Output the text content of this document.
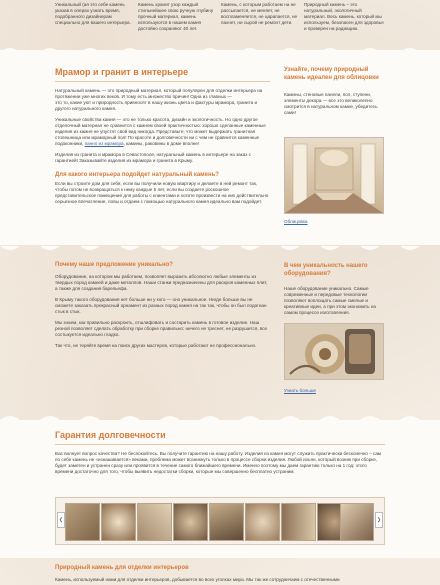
Уникальный (ая это себе камень указав в операх узнать время, подобранного дизайнерам специально для вашего интерьера.
Камень хранит узор каждый стильнейшее свою ручную глубину прочный материал, камень используются в нашем камня достойно сохраняют 40 лет.
Камень, с которым работаем на не рассыпается, не меняет, не воспламеняется, не царапается, не пахнет, ни сырой не ремонт дети.
Природный камень – это натуральный, экологичный материал. Весь камень, который мы используем, безопасен для здоровья и проверен на радиацию.
Мрамор и гранит в интерьере
Натуральный камень — это природный материал, который популярен для отделки интерьера на протяжении уже многих веков. И тому есть множество причин! Одна из главных —
это то, какие уют и природность привносят в нашу жизнь цвета и фактуры мрамора, гранита и другого натурального камня.
Уникальные свойства камня — это не только красота, дизайн и экологичность. Но одно другое отделочный материал не сравнится с камнем своей практичностью: хорошо сделанные каменные изделия из камня не упустят свой вид никогда. Представьте, что может выдержать гранитная столешница или мраморный пол! По красоте и долговечности ни с чем не сравнится каменные подоконники, панно из мрамора, камины, раковины в доме вполне!
Изделия из гранита и мрамора в Севастополе, натуральный камень в интерьере на заказ с гарантией! Заказывайте изделия из мрамора и гранита в Крыму.
Для какого интерьера подойдет натуральный камень?
Если вы строите дом для себя, если вы получили новую квартиру и делаете в ней ремонт так, чтобы потом не возвращаться к нему каждые 5 лет, если вы создаете роскошное представительское помещение для работы с клиентами и хотите произвести на них действительно серьезное впечатление, ловы и отдаем с помощью натурального камня идеально вам подойдет.
Узнайте, почему природный камень идеален для облицовки
Камины, стеновые панели, пол, ступени, элементы декора — все это великолепно смотрится в натуральном камне, убедитесь сами!
Облицовка
Почему наше предложение уникально?
Оборудование, на котором мы работаем, позволяет выразить абсолютно любые элементы из твердых пород камней и даже металлов. Наши станки предназначены для раскроя каменных плит, а также для создания барельефа.
В Крыму такого оборудования нет больше ни у кого — оно уникальное. Нигде больше вы не сможете заказать прекрасный орнамент из разных пород камня на так так, чтобы он был подогнан стык в стык.
Мы знаем, как правильно раскроить, отшлифовать и состарить камень в готовое изделие. Наш резной позволяет сделать обработку при сборке правильно: ничего не треснет, не разрушится, все состыкуется идеально гладко.
Так что, не теряйте время на поиск других мастеров, которые работают не профессионально.
В чем уникальность нашего оборудования?
Наше оборудование уникально. Самые современные и передовые технологии позволяют воплощать самые смелые и креативные идеи, а при этом экономить на самом процессе изготовления.
Узнать больше
Гарантия долговечности
Вас волнует вопрос качества? Не беспокойтесь. Вы получите гарантию на нашу работу. Изделия из камня могут служить практически бесконечно – сам по себе камень не «изнашивается» веками, проблема может возникнуть только в процессе сборки изделия. Любой изъян, который возник при сборке, будет заметен и устранен сразу или проявится в течение самого ближайшего времени. Именно поэтому мы даем гарантию только на 1 год: этого времени достаточно для того, чтобы выявить недостатки сборки, которые мы совершенно бесплатно устраним.
❮	❯
Природный камень для отделки интерьеров
Камень, используемый нами для отделки интерьеров, добывается во всех уголках мира. Мы так же сотрудничаем с отечественными
